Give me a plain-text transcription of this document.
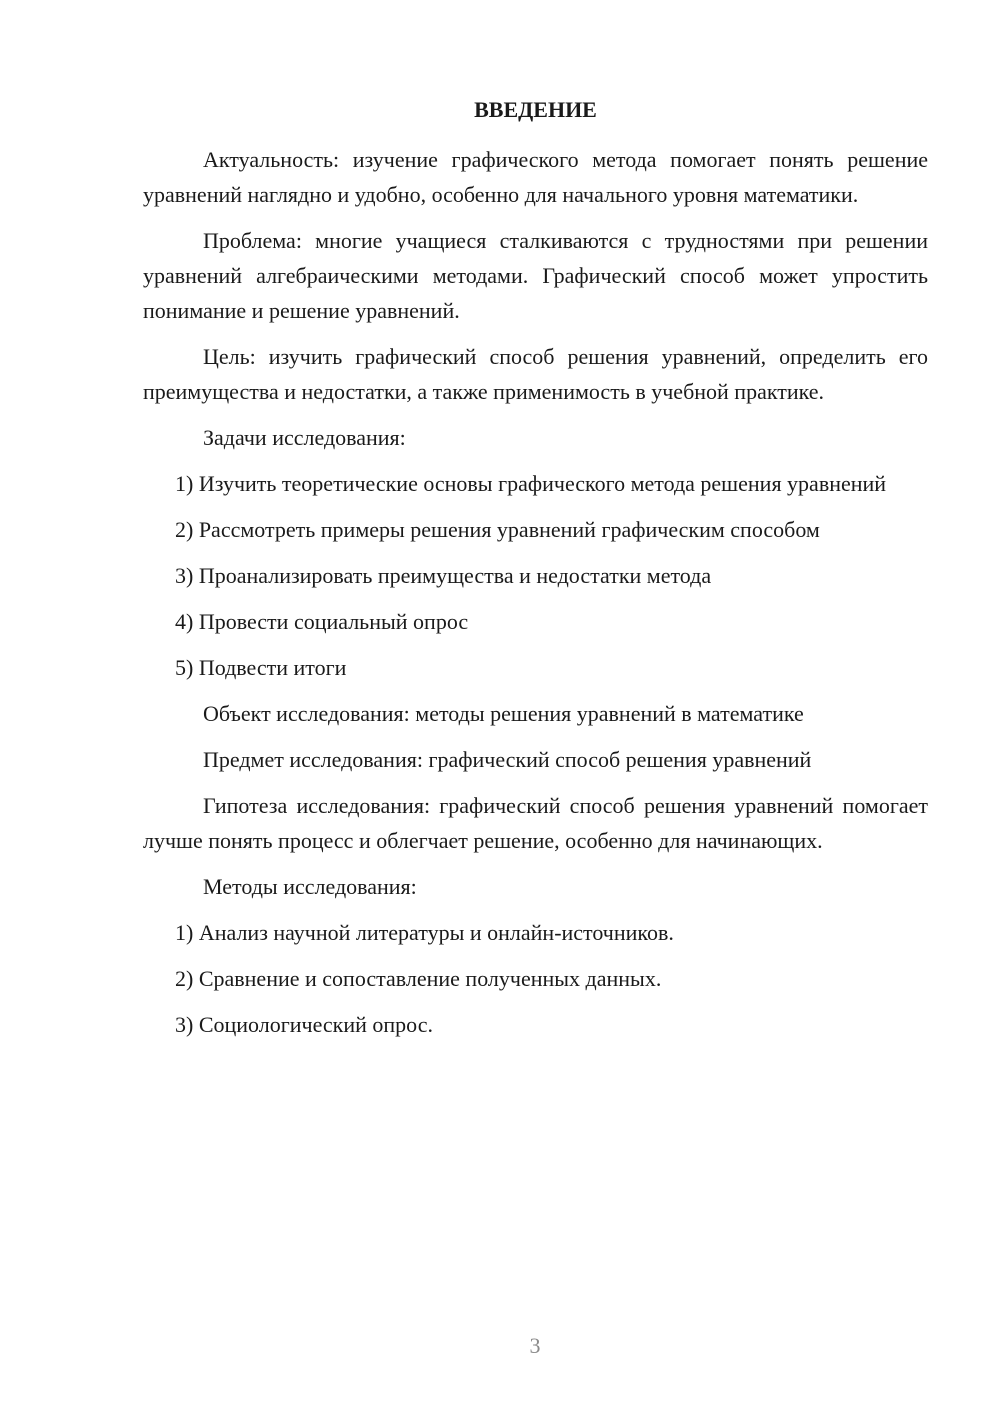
ВВЕДЕНИЕ

Актуальность: изучение графического метода помогает понять решение уравнений наглядно и удобно, особенно для начального уровня математики.

Проблема: многие учащиеся сталкиваются с трудностями при решении уравнений алгебраическими методами. Графический способ может упростить понимание и решение уравнений.

Цель: изучить графический способ решения уравнений, определить его преимущества и недостатки, а также применимость в учебной практике.

Задачи исследования:

1) Изучить теоретические основы графического метода решения уравнений

2) Рассмотреть примеры решения уравнений графическим способом

3) Проанализировать преимущества и недостатки метода

4) Провести социальный опрос

5) Подвести итоги

Объект исследования: методы решения уравнений в математике

Предмет исследования: графический способ решения уравнений

Гипотеза исследования: графический способ решения уравнений помогает лучше понять процесс и облегчает решение, особенно для начинающих.

Методы исследования:

1) Анализ научной литературы и онлайн-источников.

2) Сравнение и сопоставление полученных данных.

3) Социологический опрос.

3
